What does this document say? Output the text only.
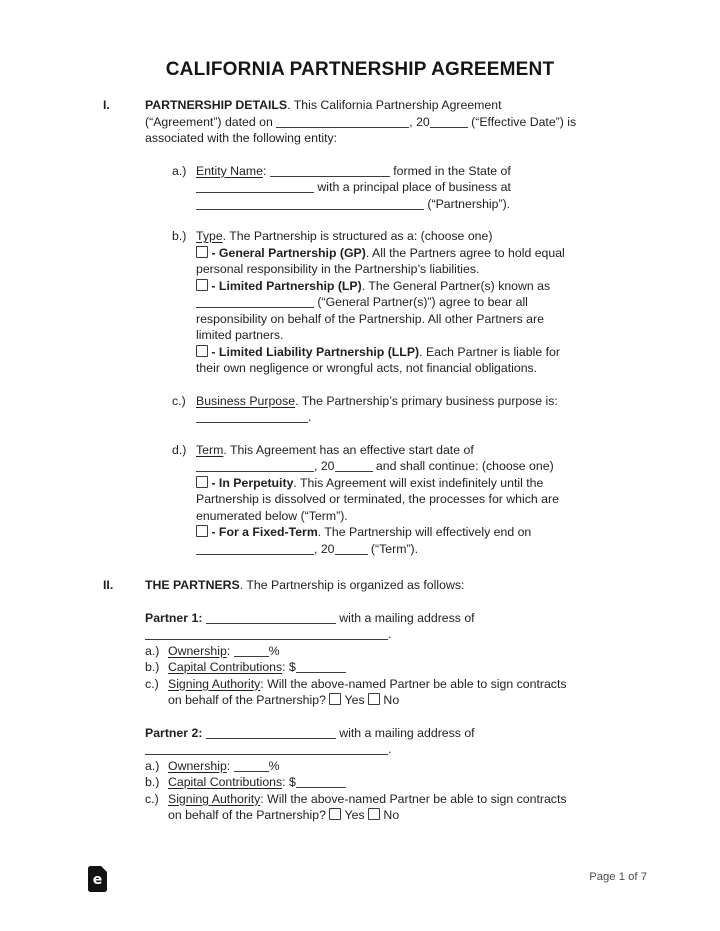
CALIFORNIA PARTNERSHIP AGREEMENT
I.	PARTNERSHIP DETAILS. This California Partnership Agreement
(“Agreement”) dated on	, 20	(“Effective Date”) is
associated with the following entity:
a.) Entity Name:	formed in the State of
with a principal place of business at
(“Partnership”).
b.) Type. The Partnership is structured as a: (choose one)
- General Partnership (GP). All the Partners agree to hold equal
personal responsibility in the Partnership’s liabilities.
- Limited Partnership (LP). The General Partner(s) known as
(“General Partner(s)”) agree to bear all
responsibility on behalf of the Partnership. All other Partners are
limited partners.
- Limited Liability Partnership (LLP). Each Partner is liable for
their own negligence or wrongful acts, not financial obligations.
c.) Business Purpose. The Partnership’s primary business purpose is:
.
d.) Term. This Agreement has an effective start date of
, 20	and shall continue: (choose one)
- In Perpetuity. This Agreement will exist indefinitely until the
Partnership is dissolved or terminated, the processes for which are
enumerated below (“Term”).
- For a Fixed-Term. The Partnership will effectively end on
, 20	(“Term”).
II.	THE PARTNERS. The Partnership is organized as follows:
Partner 1:	with a mailing address of
.
a.) Ownership:	%
b.) Capital Contributions: $
c.) Signing Authority: Will the above-named Partner be able to sign contracts
on behalf of the Partnership?  Yes  No
Partner 2:	with a mailing address of
.
a.) Ownership:	%
b.) Capital Contributions: $
c.) Signing Authority: Will the above-named Partner be able to sign contracts
on behalf of the Partnership?  Yes  No
e	Page 1 of 7
